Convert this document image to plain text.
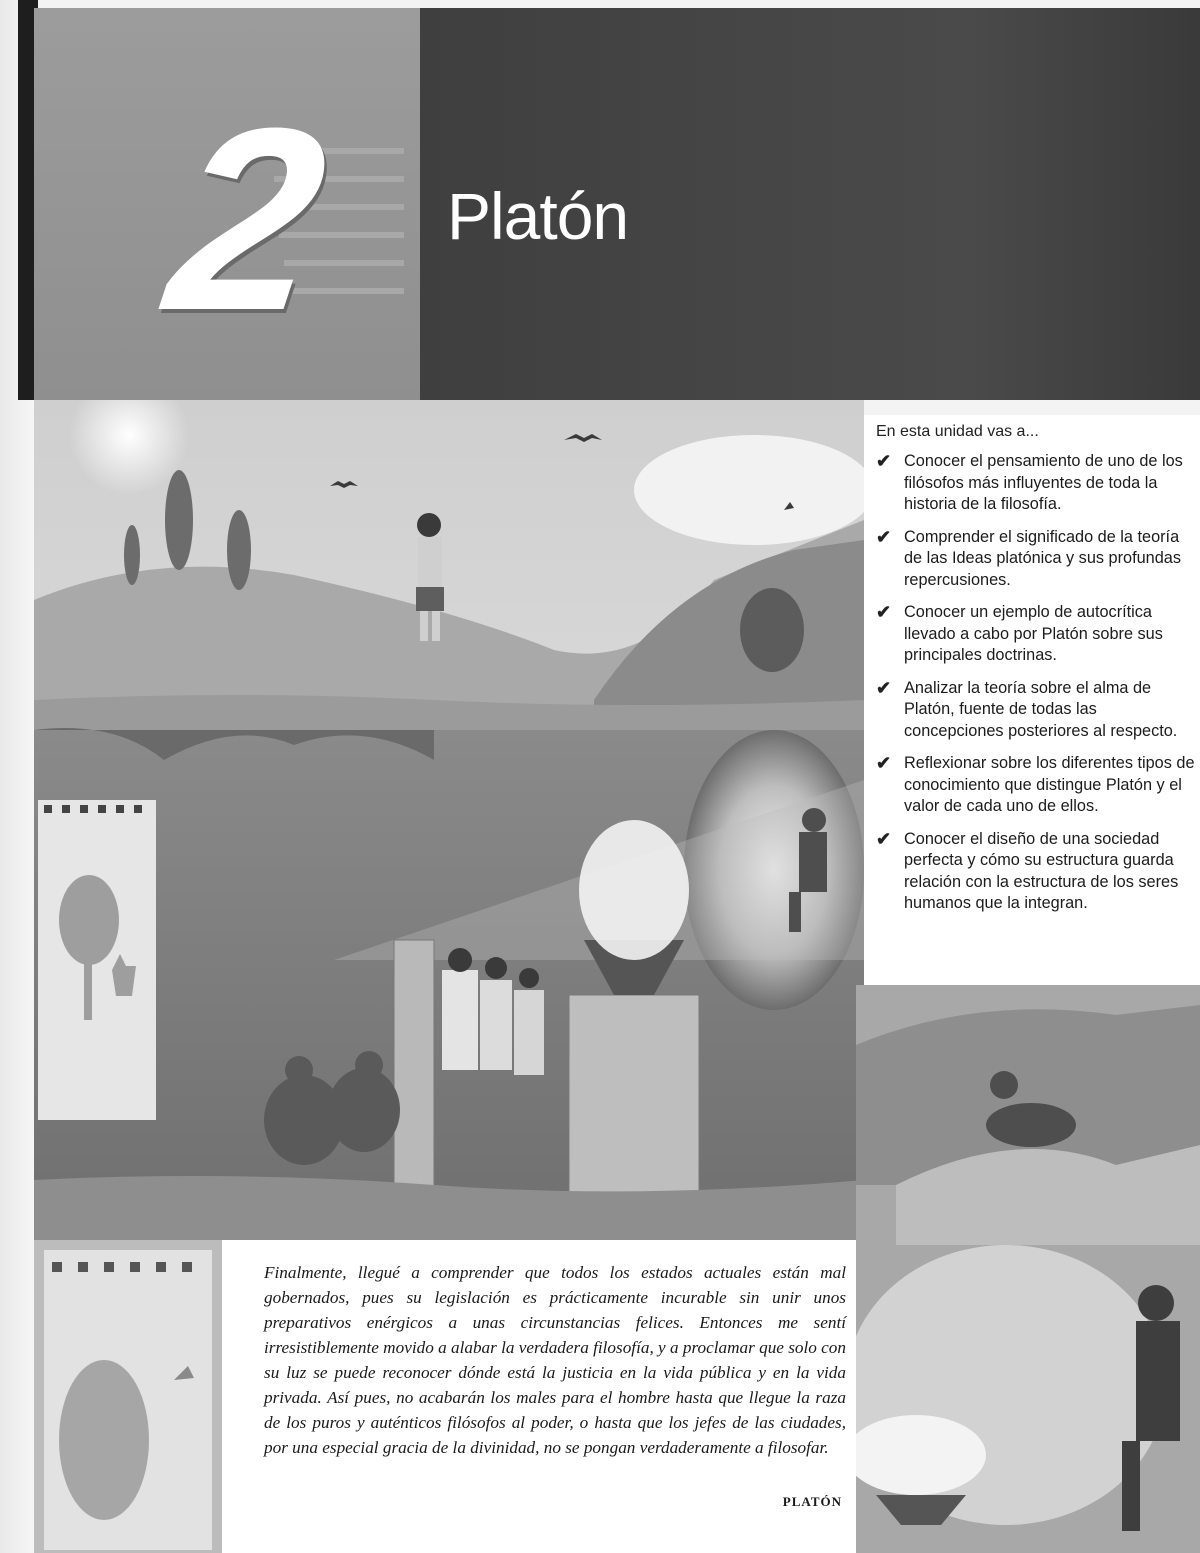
2	Platón
En esta unidad vas a...
✔ Conocer el pensamiento de uno de los filósofos más influyentes de toda la historia de la filosofía.
✔ Comprender el significado de la teoría de las Ideas platónica y sus profundas repercusiones.
✔ Conocer un ejemplo de autocrítica llevado a cabo por Platón sobre sus principales doctrinas.
✔ Analizar la teoría sobre el alma de Platón, fuente de todas las concepciones posteriores al respecto.
✔ Reflexionar sobre los diferentes tipos de conocimiento que distingue Platón y el valor de cada uno de ellos.
✔ Conocer el diseño de una sociedad perfecta y cómo su estructura guarda relación con la estructura de los seres humanos que la integran.

Finalmente, llegué a comprender que todos los estados actuales están mal gobernados, pues su legislación es prácticamente incurable sin unir unos preparativos enérgicos a unas circunstancias felices. Entonces me sentí irresistiblemente movido a alabar la verdadera filosofía, y a proclamar que solo con su luz se puede reconocer dónde está la justicia en la vida pública y en la vida privada. Así pues, no acabarán los males para el hombre hasta que llegue la raza de los puros y auténticos filósofos al poder, o hasta que los jefes de las ciudades, por una especial gracia de la divinidad, no se pongan verdaderamente a filosofar.

PLATÓN
